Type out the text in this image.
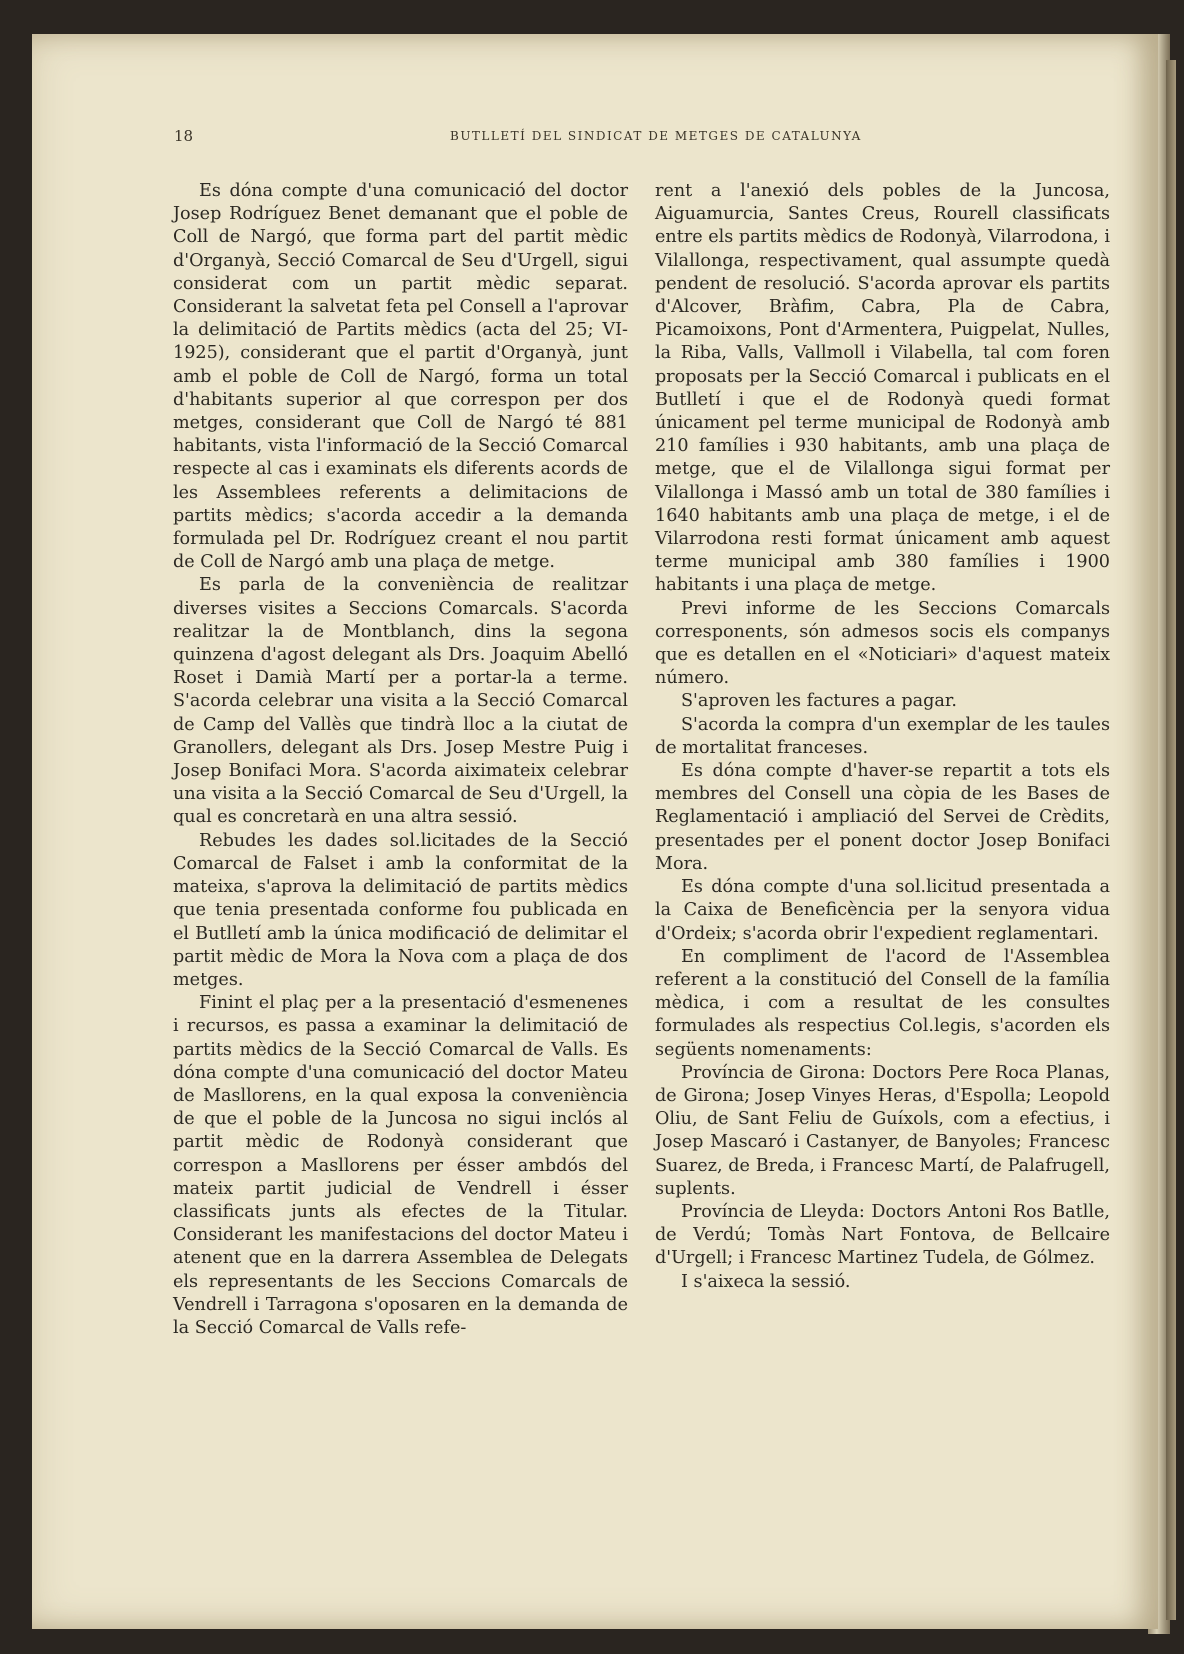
18	BUTLLETÍ DEL SINDICAT DE METGES DE CATALUNYA

Es dóna compte d'una comunicació del doctor Josep Rodríguez Benet demanant que el poble de Coll de Nargó, que forma part del partit mèdic d'Organyà, Secció Comarcal de Seu d'Urgell, sigui considerat com un partit mèdic separat. Considerant la salvetat feta pel Consell a l'aprovar la delimitació de Partits mèdics (acta del 25; VI-1925), considerant que el partit d'Organyà, junt amb el poble de Coll de Nargó, forma un total d'habitants superior al que correspon per dos metges, considerant que Coll de Nargó té 881 habitants, vista l'informació de la Secció Comarcal respecte al cas i examinats els diferents acords de les Assemblees referents a delimitacions de partits mèdics; s'acorda accedir a la demanda formulada pel Dr. Rodríguez creant el nou partit de Coll de Nargó amb una plaça de metge.

Es parla de la conveniència de realitzar diverses visites a Seccions Comarcals. S'acorda realitzar la de Montblanch, dins la segona quinzena d'agost delegant als Drs. Joaquim Abelló Roset i Damià Martí per a portar-la a terme. S'acorda celebrar una visita a la Secció Comarcal de Camp del Vallès que tindrà lloc a la ciutat de Granollers, delegant als Drs. Josep Mestre Puig i Josep Bonifaci Mora. S'acorda aiximateix celebrar una visita a la Secció Comarcal de Seu d'Urgell, la qual es concretarà en una altra sessió.

Rebudes les dades sol.licitades de la Secció Comarcal de Falset i amb la conformitat de la mateixa, s'aprova la delimitació de partits mèdics que tenia presentada conforme fou publicada en el Butlletí amb la única modificació de delimitar el partit mèdic de Mora la Nova com a plaça de dos metges.

Finint el plaç per a la presentació d'esmenenes i recursos, es passa a examinar la delimitació de partits mèdics de la Secció Comarcal de Valls. Es dóna compte d'una comunicació del doctor Mateu de Masllorens, en la qual exposa la conveniència de que el poble de la Juncosa no sigui inclós al partit mèdic de Rodonyà considerant que correspon a Masllorens per ésser ambdós del mateix partit judicial de Vendrell i ésser classificats junts als efectes de la Titular. Considerant les manifestacions del doctor Mateu i atenent que en la darrera Assemblea de Delegats els representants de les Seccions Comarcals de Vendrell i Tarragona s'oposaren en la demanda de la Secció Comarcal de Valls refe-

rent a l'anexió dels pobles de la Juncosa, Aiguamurcia, Santes Creus, Rourell classificats entre els partits mèdics de Rodonyà, Vilarrodona, i Vilallonga, respectivament, qual assumpte quedà pendent de resolució. S'acorda aprovar els partits d'Alcover, Bràfim, Cabra, Pla de Cabra, Picamoixons, Pont d'Armentera, Puigpelat, Nulles, la Riba, Valls, Vallmoll i Vilabella, tal com foren proposats per la Secció Comarcal i publicats en el Butlletí i que el de Rodonyà quedi format únicament pel terme municipal de Rodonyà amb 210 famílies i 930 habitants, amb una plaça de metge, que el de Vilallonga sigui format per Vilallonga i Massó amb un total de 380 famílies i 1640 habitants amb una plaça de metge, i el de Vilarrodona resti format únicament amb aquest terme municipal amb 380 famílies i 1900 habitants i una plaça de metge.

Previ informe de les Seccions Comarcals corresponents, són admesos socis els companys que es detallen en el «Noticiari» d'aquest mateix número.

S'aproven les factures a pagar.

S'acorda la compra d'un exemplar de les taules de mortalitat franceses.

Es dóna compte d'haver-se repartit a tots els membres del Consell una còpia de les Bases de Reglamentació i ampliació del Servei de Crèdits, presentades per el ponent doctor Josep Bonifaci Mora.

Es dóna compte d'una sol.licitud presentada a la Caixa de Beneficència per la senyora vidua d'Ordeix; s'acorda obrir l'expedient reglamentari.

En compliment de l'acord de l'Assemblea referent a la constitució del Consell de la família mèdica, i com a resultat de les consultes formulades als respectius Col.legis, s'acorden els següents nomenaments:

Província de Girona: Doctors Pere Roca Planas, de Girona; Josep Vinyes Heras, d'Espolla; Leopold Oliu, de Sant Feliu de Guíxols, com a efectius, i Josep Mascaró i Castanyer, de Banyoles; Francesc Suarez, de Breda, i Francesc Martí, de Palafrugell, suplents.

Província de Lleyda: Doctors Antoni Ros Batlle, de Verdú; Tomàs Nart Fontova, de Bellcaire d'Urgell; i Francesc Martinez Tudela, de Gólmez.

I s'aixeca la sessió.
